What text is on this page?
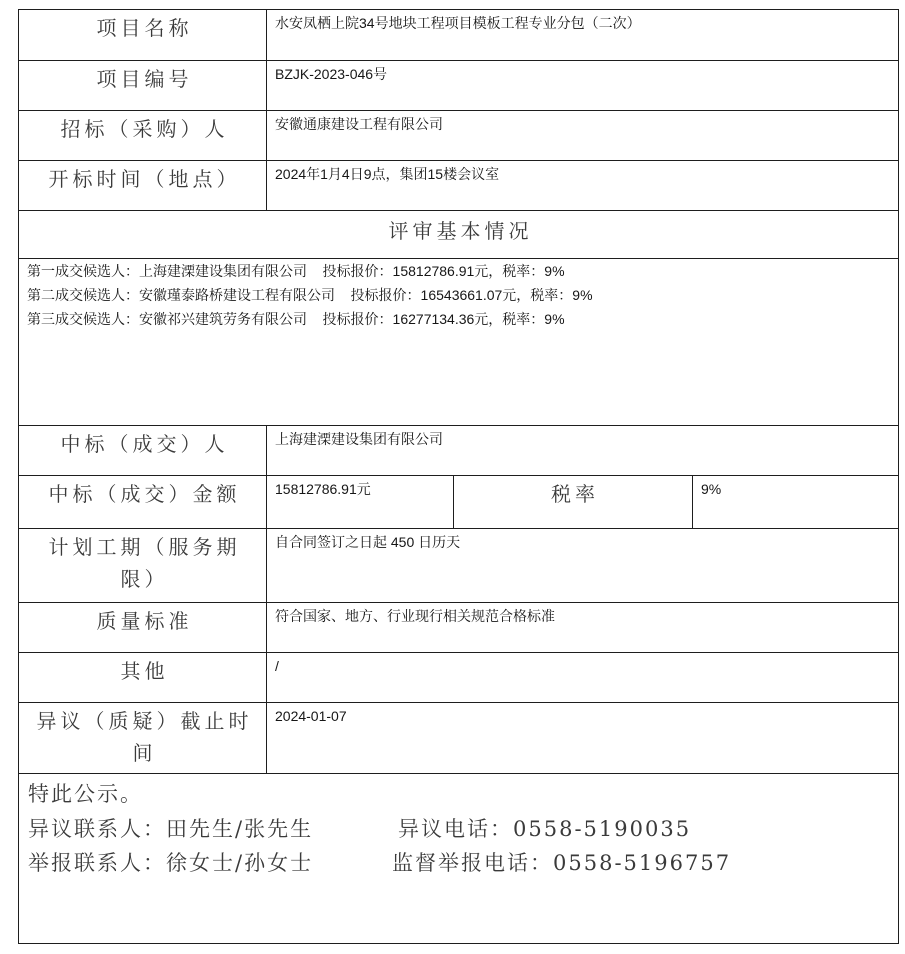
项目名称	水安凤栖上院34号地块工程项目模板工程专业分包（二次）		
项目编号	BZJK-2023-046号		
招标（采购）人	安徽通康建设工程有限公司		
开标时间（地点）	2024年1月4日9点，集团15楼会议室		
评审基本情况			

第一成交候选人：上海建溧建设集团有限公司    投标报价：15812786.91元，税率：9%
第二成交候选人：安徽瑾泰路桥建设工程有限公司    投标报价：16543661.07元，税率：9%
第三成交候选人：安徽祁兴建筑劳务有限公司    投标报价：16277134.36元，税率：9%			

中标（成交）人	上海建溧建设集团有限公司		
中标（成交）金额	15812786.91元	税率	9%
计划工期（服务期限）	自合同签订之日起 450 日历天		
质量标准	符合国家、地方、行业现行相关规范合格标准		
其他	/		
异议（质疑）截止时间	2024-01-07		

特此公示。
异议联系人：田先生/张先生 异议电话：0558-5190035
举报联系人：徐女士/孙女士 监督举报电话：0558-5196757			
